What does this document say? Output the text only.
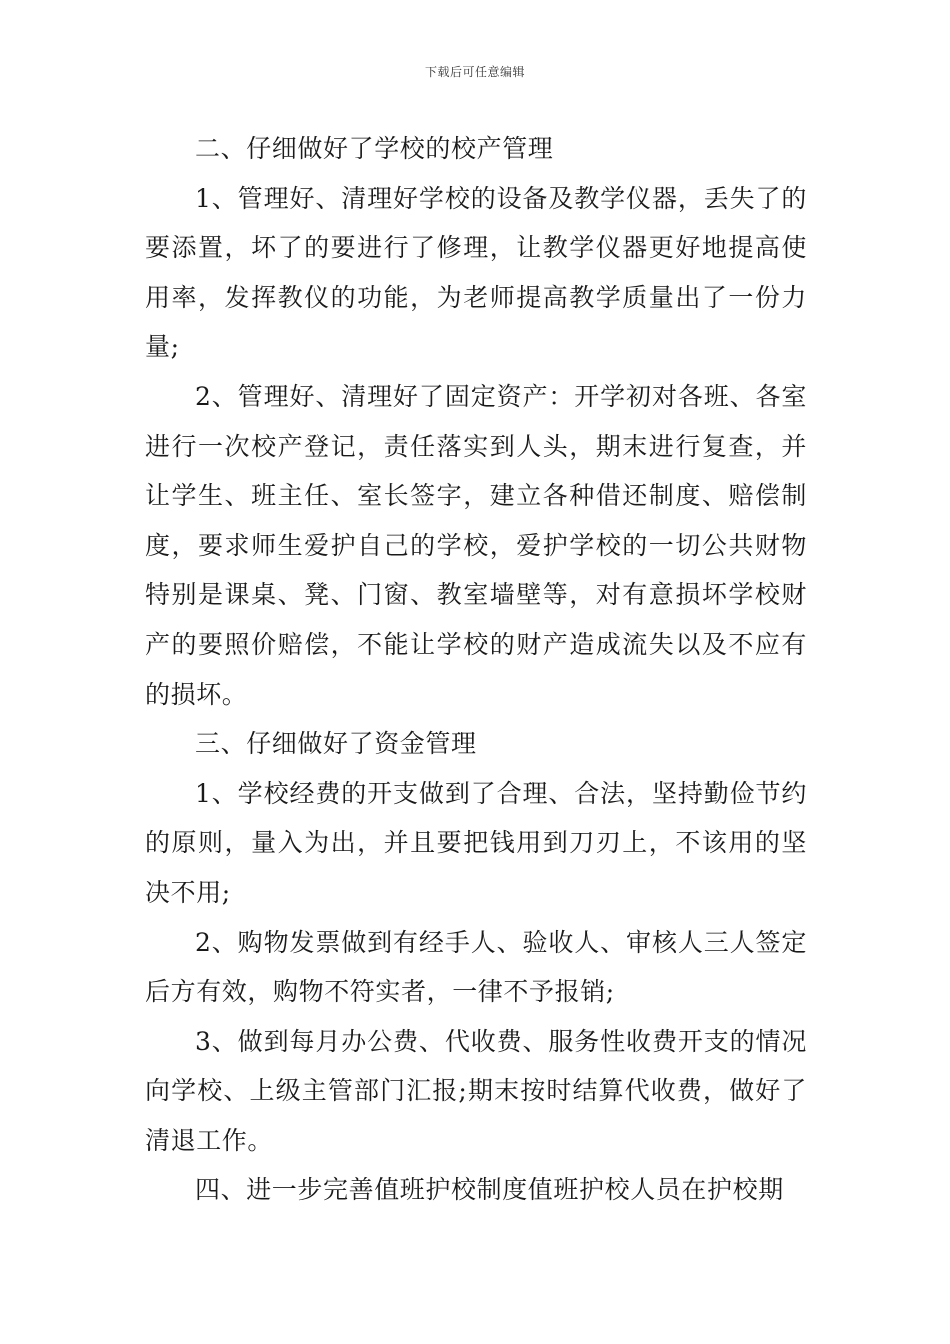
下载后可任意编辑

二、仔细做好了学校的校产管理

1、管理好、清理好学校的设备及教学仪器，丢失了的要添置，坏了的要进行了修理，让教学仪器更好地提高使用率，发挥教仪的功能，为老师提高教学质量出了一份力量;

2、管理好、清理好了固定资产：开学初对各班、各室进行一次校产登记，责任落实到人头，期末进行复查，并让学生、班主任、室长签字，建立各种借还制度、赔偿制度，要求师生爱护自己的学校，爱护学校的一切公共财物特别是课桌、凳、门窗、教室墙壁等，对有意损坏学校财产的要照价赔偿，不能让学校的财产造成流失以及不应有的损坏。

三、仔细做好了资金管理

1、学校经费的开支做到了合理、合法，坚持勤俭节约的原则，量入为出，并且要把钱用到刀刃上，不该用的坚决不用;

2、购物发票做到有经手人、验收人、审核人三人签定后方有效，购物不符实者，一律不予报销;

3、做到每月办公费、代收费、服务性收费开支的情况向学校、上级主管部门汇报;期末按时结算代收费，做好了清退工作。

四、进一步完善值班护校制度值班护校人员在护校期
